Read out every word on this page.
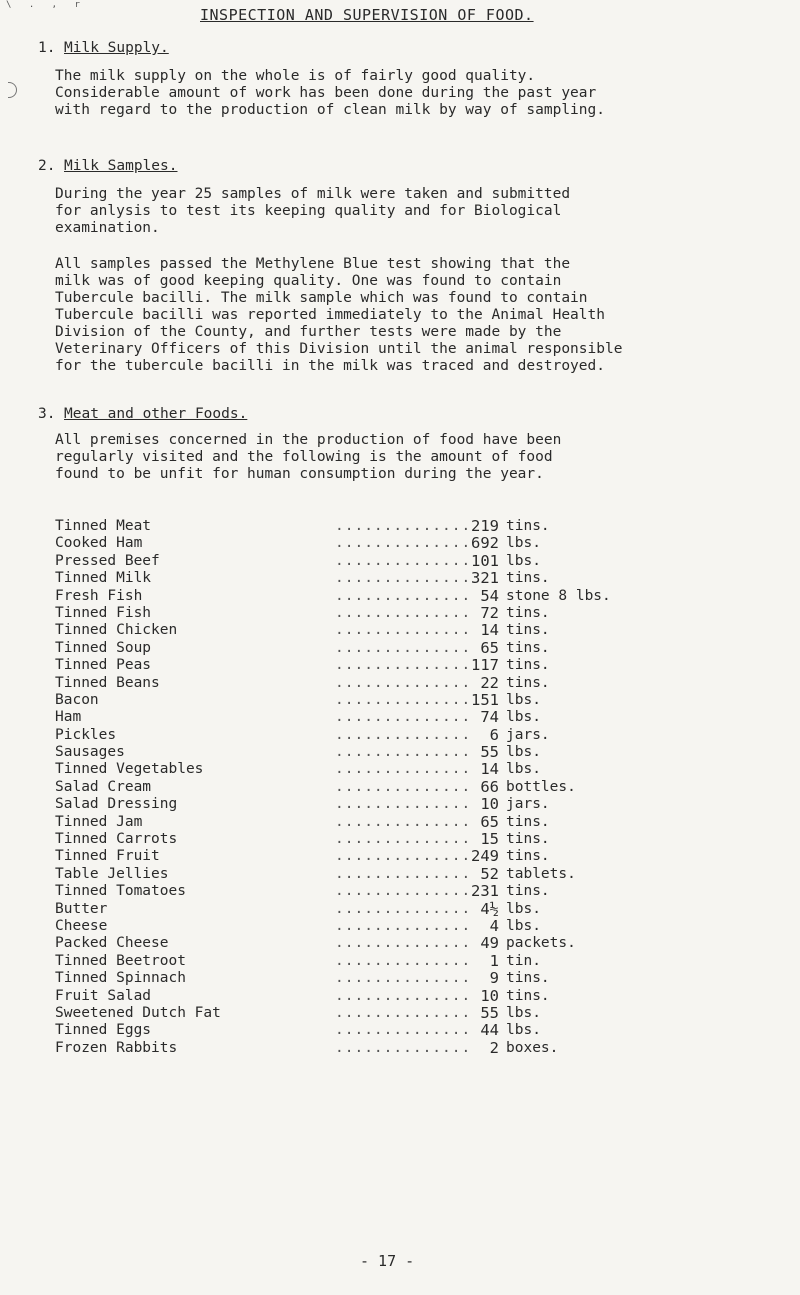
\ . , r
INSPECTION AND SUPERVISION OF FOOD.
1. Milk Supply.
The milk supply on the whole is of fairly good quality.
Considerable amount of work has been done during the past year
with regard to the production of clean milk by way of sampling.
2. Milk Samples.
During the year 25 samples of milk were taken and submitted
for anlysis to test its keeping quality and for Biological
examination.
All samples passed the Methylene Blue test showing that the
milk was of good keeping quality. One was found to contain
Tubercule bacilli. The milk sample which was found to contain
Tubercule bacilli was reported immediately to the Animal Health
Division of the County, and further tests were made by the
Veterinary Officers of this Division until the animal responsible
for the tubercule bacilli in the milk was traced and destroyed.
3. Meat and other Foods.
All premises concerned in the production of food have been
regularly visited and the following is the amount of food
found to be unfit for human consumption during the year.
Tinned Meat	.............. 219 tins.
Cooked Ham	.............. 692 lbs.
Pressed Beef	.............. 101 lbs.
Tinned Milk	.............. 321 tins.
Fresh Fish	.............. 54 stone 8 lbs.
Tinned Fish	.............. 72 tins.
Tinned Chicken	.............. 14 tins.
Tinned Soup	.............. 65 tins.
Tinned Peas	.............. 117 tins.
Tinned Beans	.............. 22 tins.
Bacon	.............. 151 lbs.
Ham	.............. 74 lbs.
Pickles	..............	6 jars.
Sausages	.............. 55 lbs.
Tinned Vegetables	.............. 14 lbs.
Salad Cream	.............. 66 bottles.
Salad Dressing	.............. 10 jars.
Tinned Jam	.............. 65 tins.
Tinned Carrots	.............. 15 tins.
Tinned Fruit	.............. 249 tins.
Table Jellies	.............. 52 tablets.
Tinned Tomatoes	.............. 231 tins.
Butter	.............. 4½ lbs.
Cheese	..............	4 lbs.
Packed Cheese	.............. 49 packets.
Tinned Beetroot	..............	1 tin.
Tinned Spinnach	..............	9 tins.
Fruit Salad	.............. 10 tins.
Sweetened Dutch Fat	.............. 55 lbs.
Tinned Eggs	.............. 44 lbs.
Frozen Rabbits	..............	2 boxes.
- 17 -
